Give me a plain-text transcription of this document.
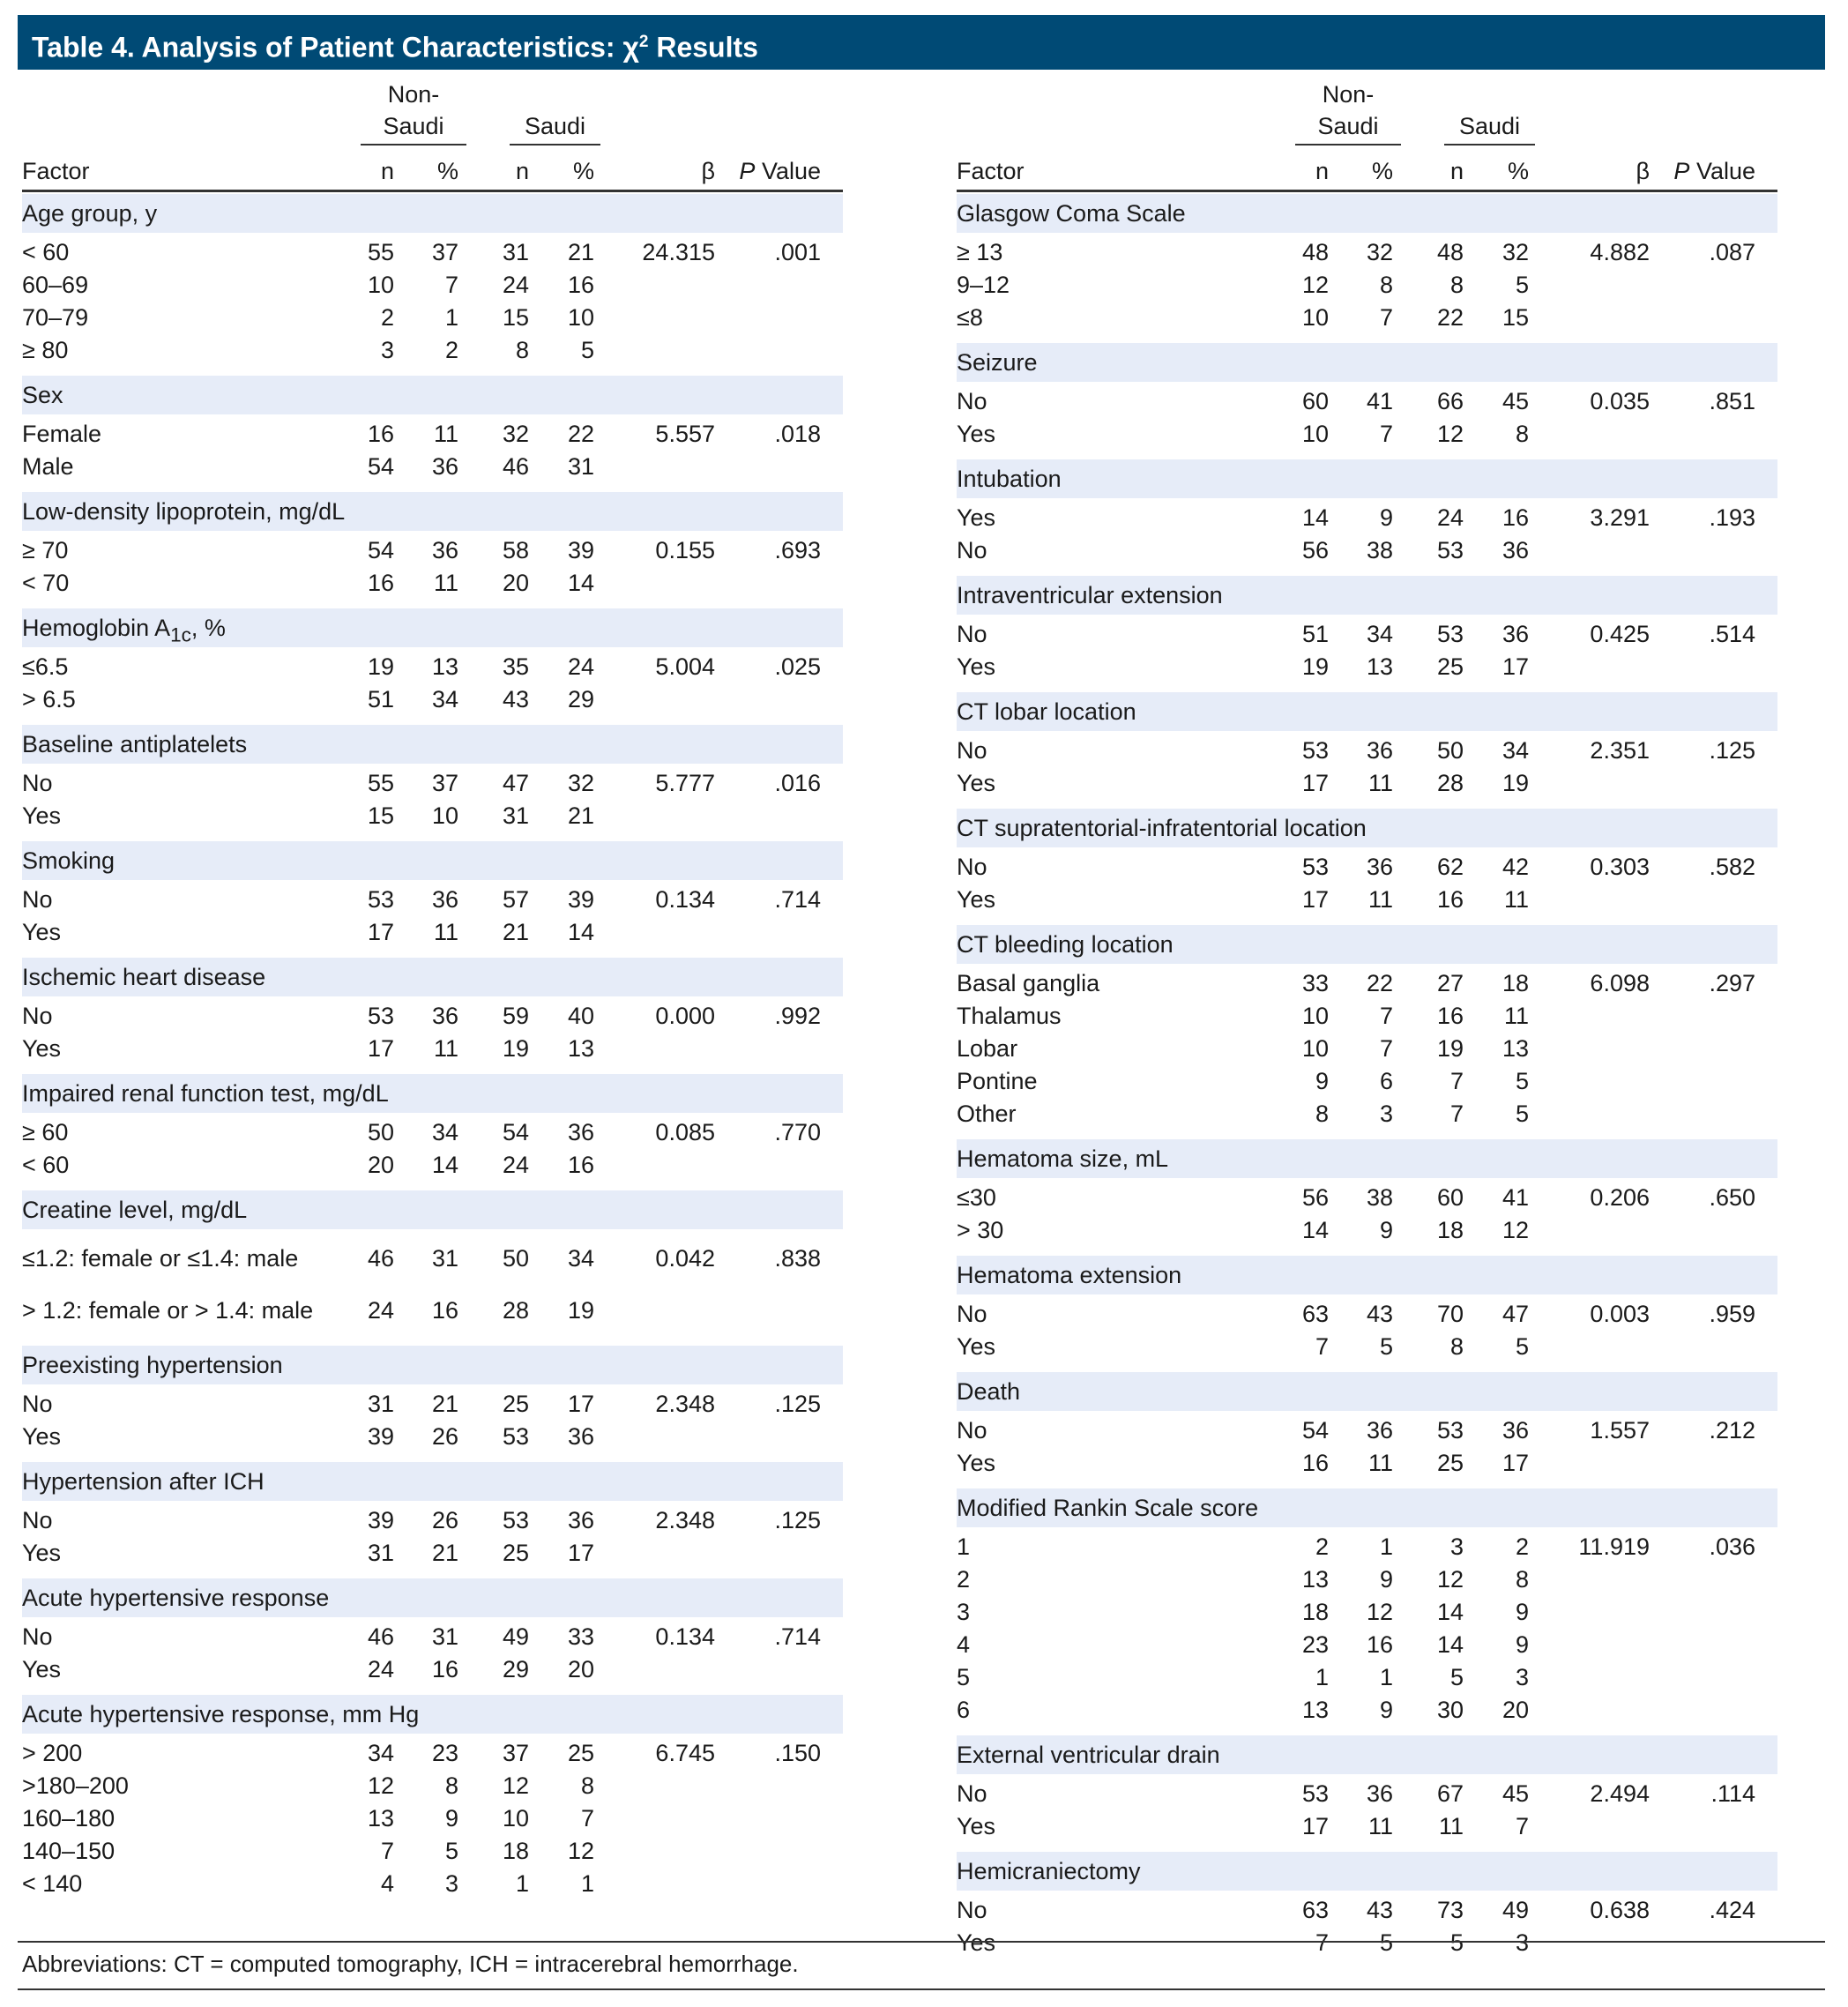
Table 4. Analysis of Patient Characteristics: $\chi^2$ Results
Non-
Saudi	Saudi
Factor	n % n %	β P Value
Age group, y
< 60	55 37 31 21 24.315 .001
60–69	10 7 24 16
70–79	2 1 15 10
≥ 80	3 2 8 5
Sex
Female	16 11 32 22	5.557 .018
Male	54 36 46 31
Low-density lipoprotein, mg/dL
≥ 70	54 36 58 39	0.155 .693
< 70	16 11 20 14
Hemoglobin $A_{1c}$, %
≤6.5	19 13 35 24	5.004 .025
> 6.5	51 34 43 29
Baseline antiplatelets
No	55 37 47 32	5.777 .016
Yes	15 10 31 21
Smoking
No	53 36 57 39	0.134 .714
Yes	17 11 21 14
Ischemic heart disease
No	53 36 59 40	0.000 .992
Yes	17 11 19 13
Impaired renal function test, mg/dL
≥ 60	50 34 54 36	0.085 .770
< 60	20 14 24 16
Creatine level, mg/dL
≤1.2: female or ≤1.4: male	46 31 50 34	0.042 .838
> 1.2: female or > 1.4: male 24 16 28 19
Preexisting hypertension
No	31 21 25 17	2.348 .125
Yes	39 26 53 36
Hypertension after ICH
No	39 26 53 36	2.348 .125
Yes	31 21 25 17
Acute hypertensive response
No	46 31 49 33	0.134 .714
Yes	24 16 29 20
Acute hypertensive response, mm Hg
> 200	34 23 37 25	6.745 .150
>180–200	12 8 12 8
160–180	13 9 10 7
140–150	7 5 18 12
< 140	4 3 1 1
Non-
Saudi	Saudi
Factor	n % n %	β P Value
Glasgow Coma Scale
≥ 13	48 32 48 32	4.882 .087
9–12	12 8 8 5
≤8	10 7 22 15
Seizure
No	60 41 66 45	0.035 .851
Yes	10 7 12 8
Intubation
Yes	14 9 24 16	3.291 .193
No	56 38 53 36
Intraventricular extension
No	51 34 53 36	0.425 .514
Yes	19 13 25 17
CT lobar location
No	53 36 50 34	2.351 .125
Yes	17 11 28 19
CT supratentorial-infratentorial location
No	53 36 62 42	0.303 .582
Yes	17 11 16 11
CT bleeding location
Basal ganglia	33 22 27 18	6.098 .297
Thalamus	10 7 16 11
Lobar	10 7 19 13
Pontine	9 6 7 5
Other	8 3 7 5
Hematoma size, mL
≤30	56 38 60 41	0.206 .650
> 30	14 9 18 12
Hematoma extension
No	63 43 70 47	0.003 .959
Yes	7 5 8 5
Death
No	54 36 53 36	1.557 .212
Yes	16 11 25 17
Modified Rankin Scale score
1	2 1 3 2 11.919 .036
2	13 9 12 8
3	18 12 14 9
4	23 16 14 9
5	1 1 5 3
6	13 9 30 20
External ventricular drain
No	53 36 67 45	2.494	.114
Yes	17 11 11 7
Hemicraniectomy
No	63 43 73 49	0.638 .424
Yes	7 5 5 3
Abbreviations: CT = computed tomography, ICH = intracerebral hemorrhage.
